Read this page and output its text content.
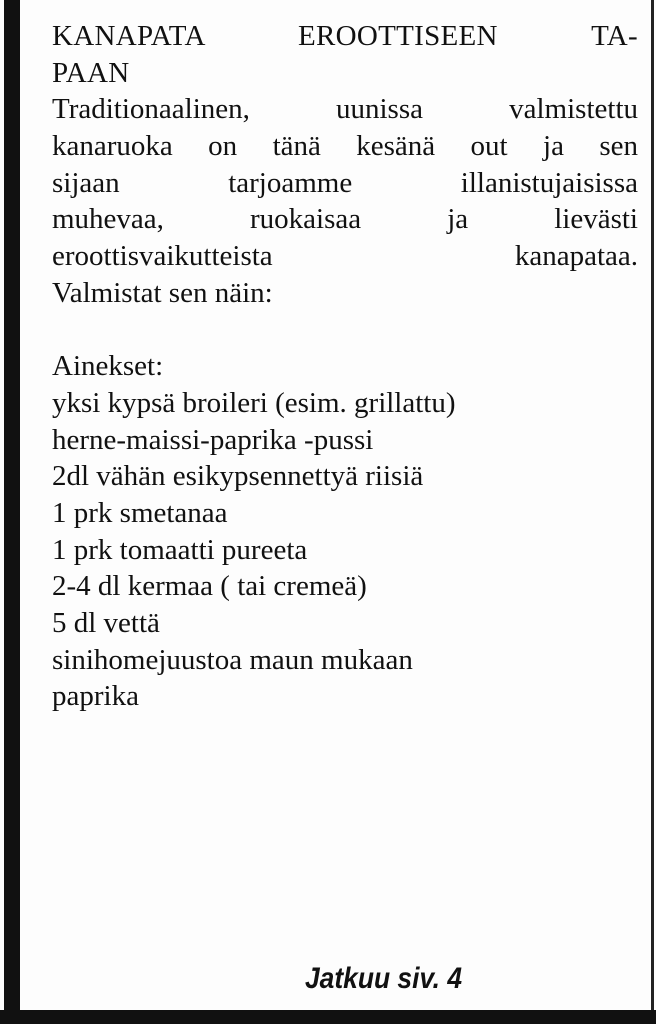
KANAPATA EROOTTISEEN TA-
PAAN
Traditionaalinen, uunissa valmistettu
kanaruoka on tänä kesänä out ja sen
sijaan tarjoamme illanistujaisissa
muhevaa, ruokaisaa ja lievästi
eroottisvaikutteista kanapataa.
Valmistat sen näin:
Ainekset:
yksi kypsä broileri (esim. grillattu)
herne-maissi-paprika -pussi
2dl vähän esikypsennettyä riisiä
1 prk smetanaa
1 prk tomaatti pureeta
2-4 dl kermaa ( tai cremeä)
5 dl vettä
sinihomejuustoa maun mukaan
paprika
Jatkuu siv. 4
